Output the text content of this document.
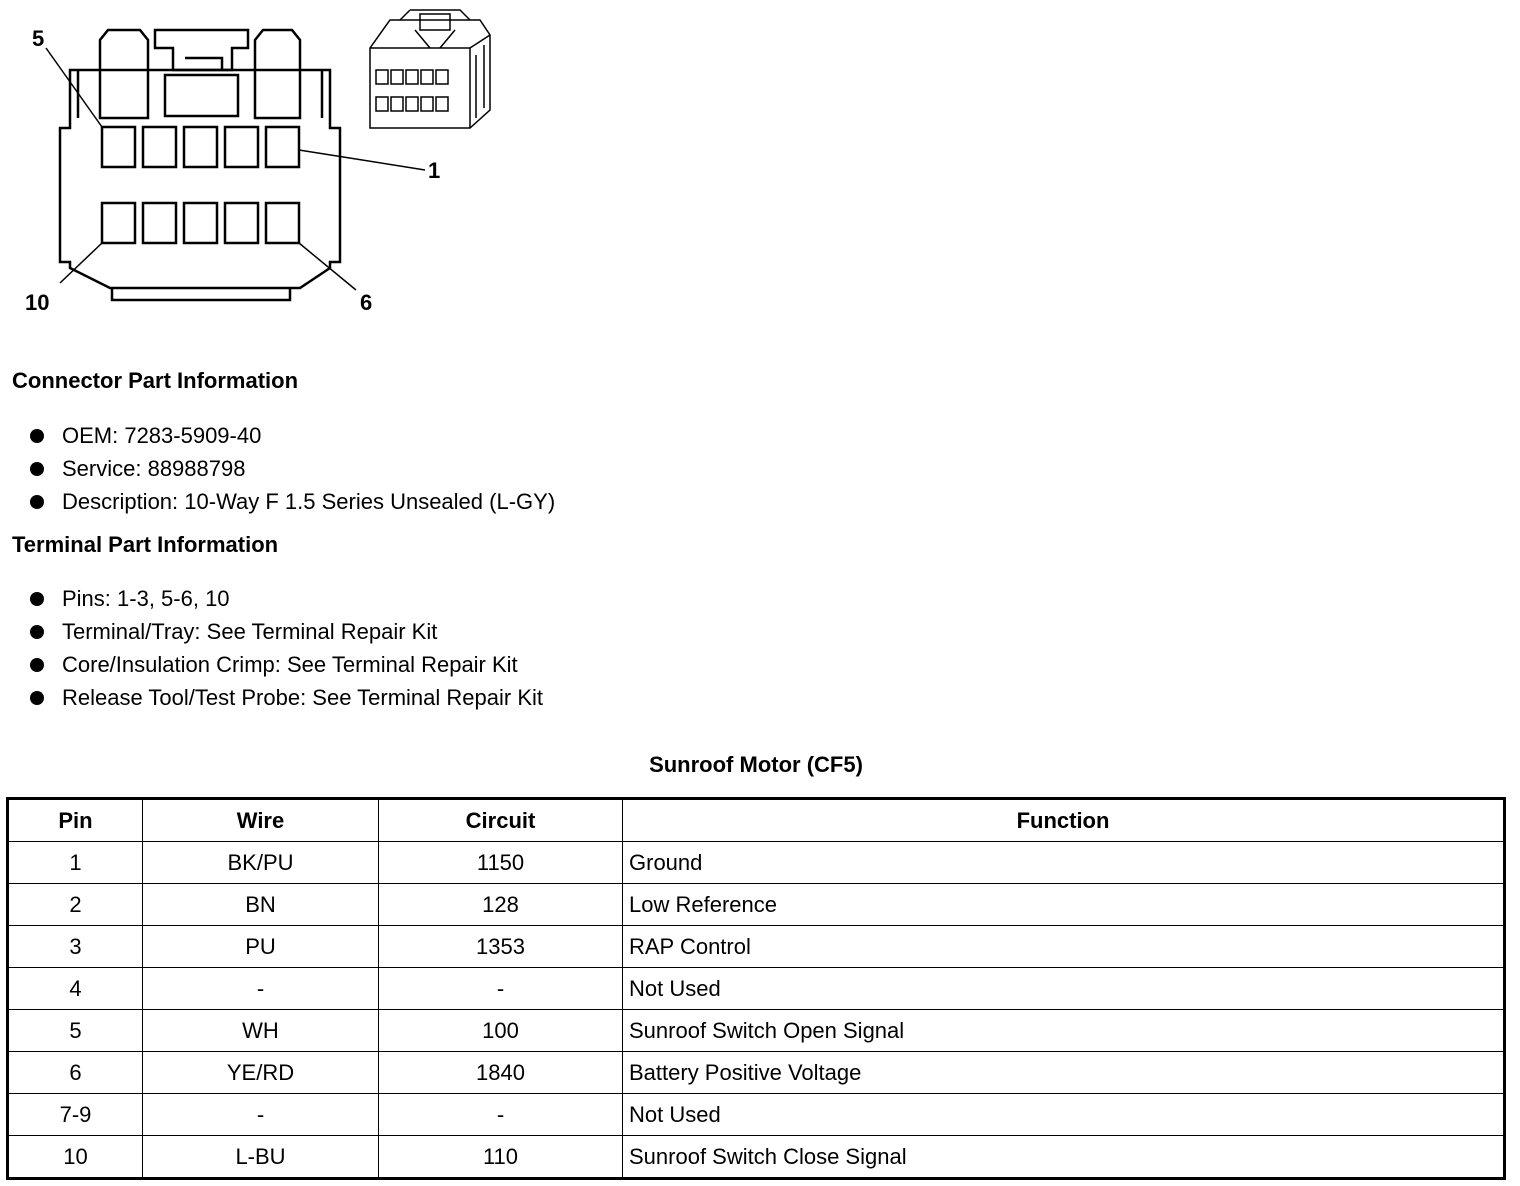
5
1
10	6
Connector Part Information
OEM: 7283-5909-40
Service: 88988798
Description: 10-Way F 1.5 Series Unsealed (L-GY)
Terminal Part Information
Pins: 1-3, 5-6, 10
Terminal/Tray: See Terminal Repair Kit
Core/Insulation Crimp: See Terminal Repair Kit
Release Tool/Test Probe: See Terminal Repair Kit
Sunroof Motor (CF5)
Pin	Wire	Circuit	Function
1	BK/PU	1150	Ground
2	BN	128	Low Reference
3	PU	1353	RAP Control
4	-	-	Not Used
5	WH	100	Sunroof Switch Open Signal
6	YE/RD	1840	Battery Positive Voltage
7-9	-	-	Not Used
10	L-BU	110	Sunroof Switch Close Signal
